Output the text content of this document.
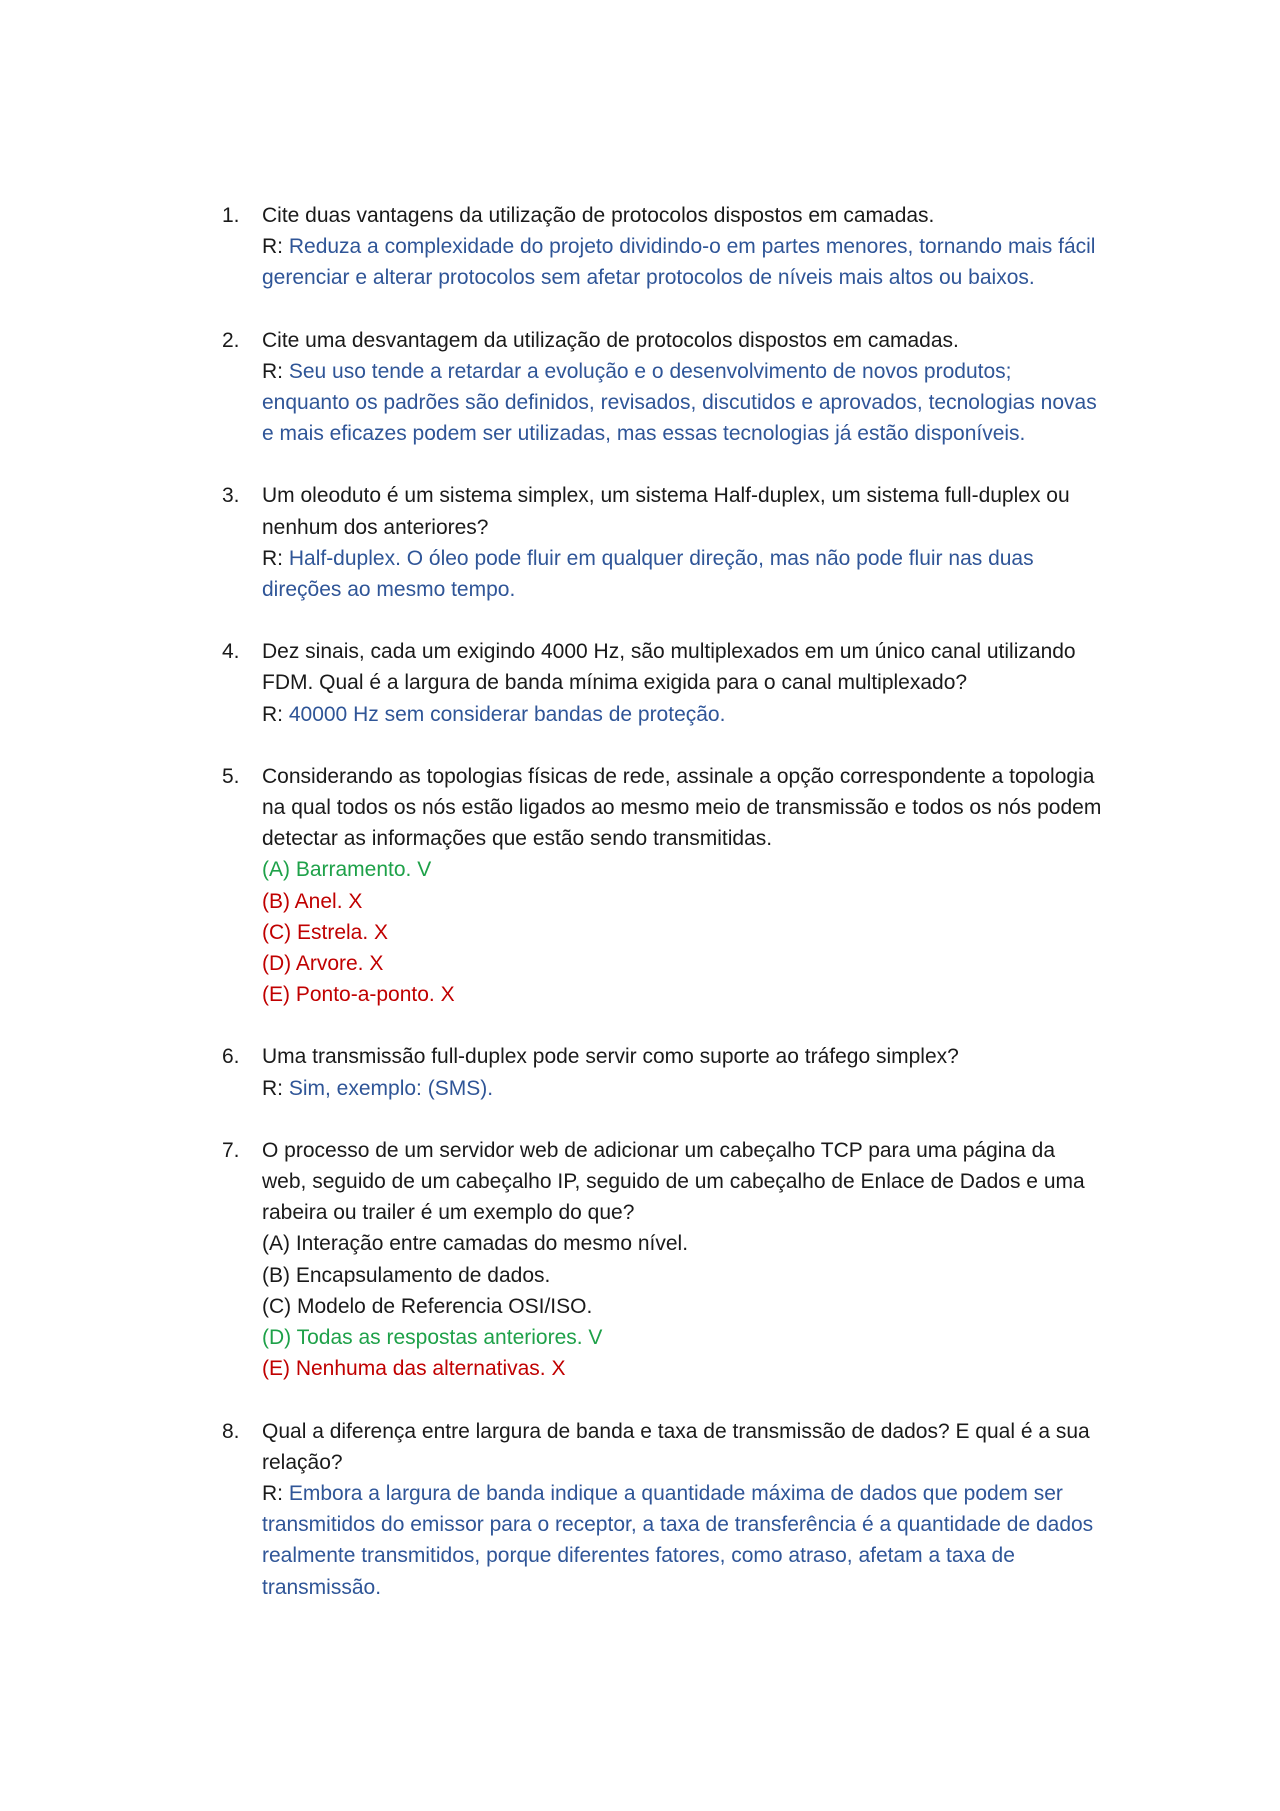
1. Cite duas vantagens da utilização de protocolos dispostos em camadas.
R: Reduza a complexidade do projeto dividindo-o em partes menores, tornando mais fácil gerenciar e alterar protocolos sem afetar protocolos de níveis mais altos ou baixos.
2. Cite uma desvantagem da utilização de protocolos dispostos em camadas.
R: Seu uso tende a retardar a evolução e o desenvolvimento de novos produtos; enquanto os padrões são definidos, revisados, discutidos e aprovados, tecnologias novas e mais eficazes podem ser utilizadas, mas essas tecnologias já estão disponíveis.
3. Um oleoduto é um sistema simplex, um sistema Half-duplex, um sistema full-duplex ou nenhum dos anteriores?
R: Half-duplex. O óleo pode fluir em qualquer direção, mas não pode fluir nas duas direções ao mesmo tempo.
4. Dez sinais, cada um exigindo 4000 Hz, são multiplexados em um único canal utilizando FDM. Qual é a largura de banda mínima exigida para o canal multiplexado?
R: 40000 Hz sem considerar bandas de proteção.
5. Considerando as topologias físicas de rede, assinale a opção correspondente a topologia na qual todos os nós estão ligados ao mesmo meio de transmissão e todos os nós podem detectar as informações que estão sendo transmitidas.
(A) Barramento. V
(B) Anel. X
(C) Estrela. X
(D) Arvore. X
(E) Ponto-a-ponto. X
6. Uma transmissão full-duplex pode servir como suporte ao tráfego simplex?
R: Sim, exemplo: (SMS).
7. O processo de um servidor web de adicionar um cabeçalho TCP para uma página da web, seguido de um cabeçalho IP, seguido de um cabeçalho de Enlace de Dados e uma rabeira ou trailer é um exemplo do que?
(A) Interação entre camadas do mesmo nível.
(B) Encapsulamento de dados.
(C) Modelo de Referencia OSI/ISO.
(D) Todas as respostas anteriores. V
(E) Nenhuma das alternativas. X
8. Qual a diferença entre largura de banda e taxa de transmissão de dados? E qual é a sua relação?
R: Embora a largura de banda indique a quantidade máxima de dados que podem ser transmitidos do emissor para o receptor, a taxa de transferência é a quantidade de dados realmente transmitidos, porque diferentes fatores, como atraso, afetam a taxa de transmissão.
